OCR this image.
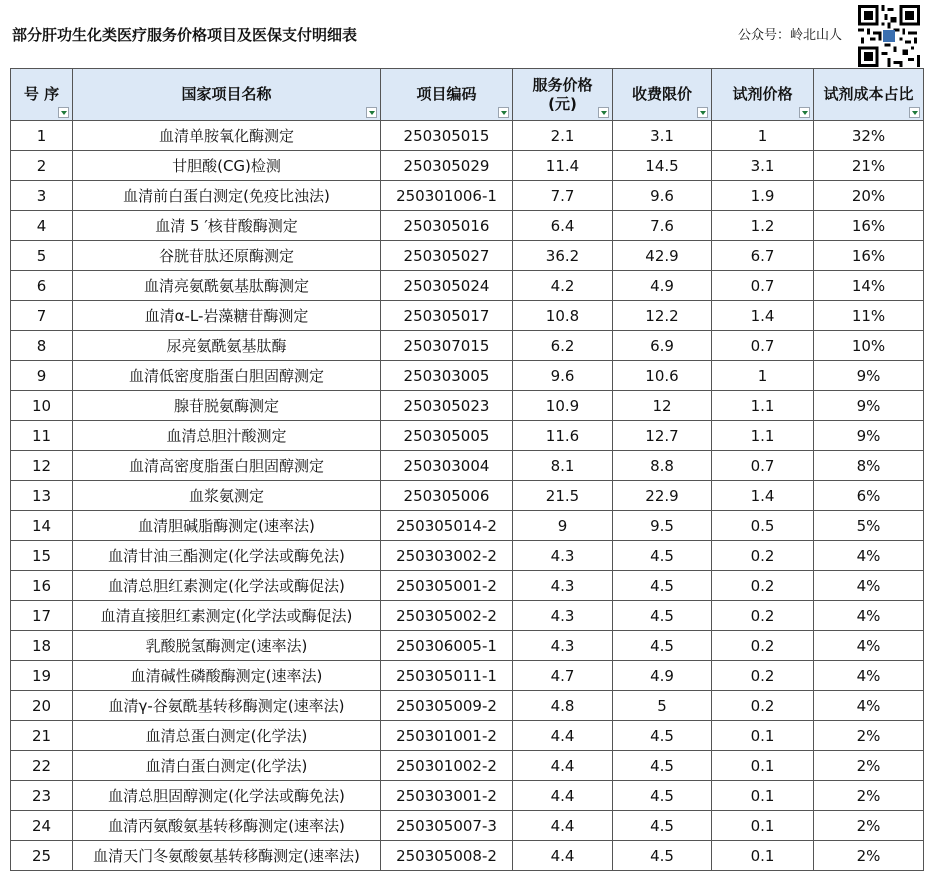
部分肝功生化类医疗服务价格项目及医保支付明细表	公众号：岭北山人
号 序	国家项目名称	项目编码	服务价格(元)	收费限价	试剂价格	试剂成本占比

1	血清单胺氧化酶测定	250305015	2.1	3.1	1	32%
2	甘胆酸(CG)检测	250305029	11.4	14.5	3.1	21%
3	血清前白蛋白测定(免疫比浊法)	250301006-1	7.7	9.6	1.9	20%
4	血清 5 ′核苷酸酶测定	250305016	6.4	7.6	1.2	16%
5	谷胱苷肽还原酶测定	250305027	36.2	42.9	6.7	16%
6	血清亮氨酰氨基肽酶测定	250305024	4.2	4.9	0.7	14%
7	血清α-L-岩藻糖苷酶测定	250305017	10.8	12.2	1.4	11%
8	尿亮氨酰氨基肽酶	250307015	6.2	6.9	0.7	10%
9	血清低密度脂蛋白胆固醇测定	250303005	9.6	10.6	1	9%
10	腺苷脱氨酶测定	250305023	10.9	12	1.1	9%
11	血清总胆汁酸测定	250305005	11.6	12.7	1.1	9%
12	血清高密度脂蛋白胆固醇测定	250303004	8.1	8.8	0.7	8%
13	血浆氨测定	250305006	21.5	22.9	1.4	6%
14	血清胆碱脂酶测定(速率法)	250305014-2	9	9.5	0.5	5%
15	血清甘油三酯测定(化学法或酶免法)	250303002-2	4.3	4.5	0.2	4%
16	血清总胆红素测定(化学法或酶促法)	250305001-2	4.3	4.5	0.2	4%
17	血清直接胆红素测定(化学法或酶促法)	250305002-2	4.3	4.5	0.2	4%
18	乳酸脱氢酶测定(速率法)	250306005-1	4.3	4.5	0.2	4%
19	血清碱性磷酸酶测定(速率法)	250305011-1	4.7	4.9	0.2	4%
20	血清γ-谷氨酰基转移酶测定(速率法)	250305009-2	4.8	5	0.2	4%
21	血清总蛋白测定(化学法)	250301001-2	4.4	4.5	0.1	2%
22	血清白蛋白测定(化学法)	250301002-2	4.4	4.5	0.1	2%
23	血清总胆固醇测定(化学法或酶免法)	250303001-2	4.4	4.5	0.1	2%
24	血清丙氨酸氨基转移酶测定(速率法)	250305007-3	4.4	4.5	0.1	2%
25	血清天门冬氨酸氨基转移酶测定(速率法)	250305008-2	4.4	4.5	0.1	2%
